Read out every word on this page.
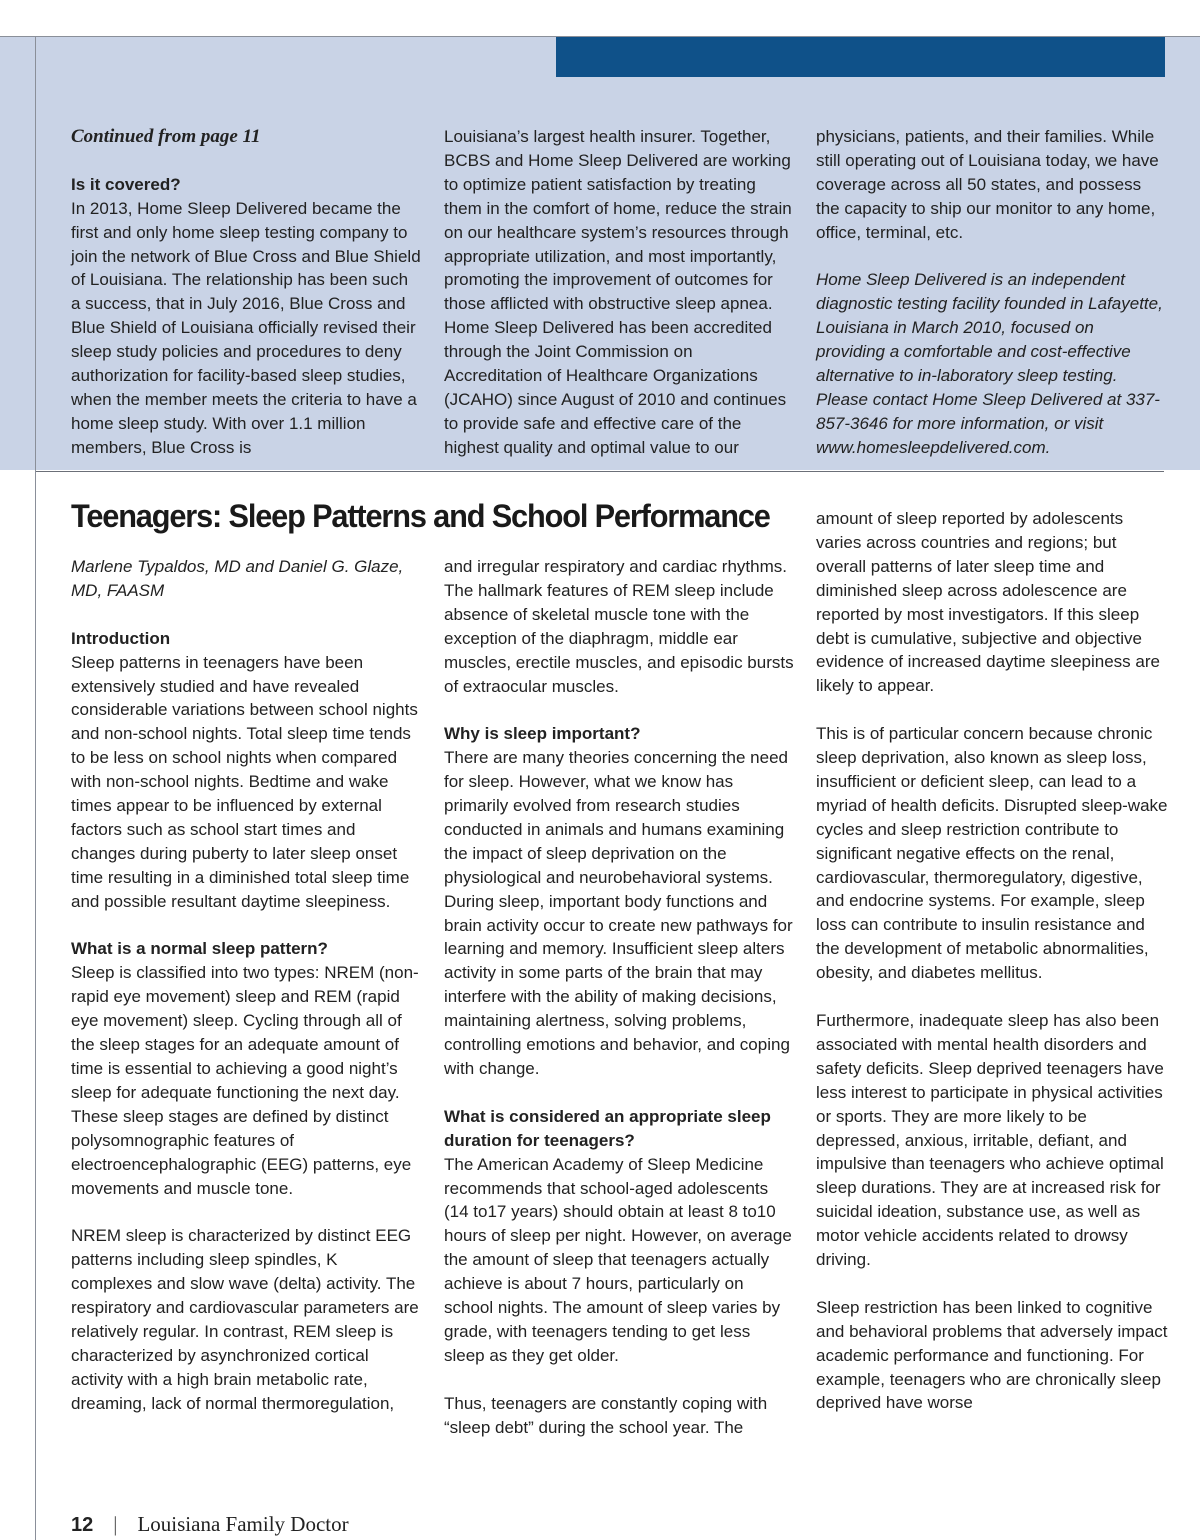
Continued from page 11

Is it covered?

In 2013, Home Sleep Delivered became the first and only home sleep testing company to join the network of Blue Cross and Blue Shield of Louisiana. The relationship has been such a success, that in July 2016, Blue Cross and Blue Shield of Louisiana officially revised their sleep study policies and procedures to deny authorization for facility-based sleep studies, when the member meets the criteria to have a home sleep study. With over 1.1 million members, Blue Cross is

Louisiana’s largest health insurer. Together, BCBS and Home Sleep Delivered are working to optimize patient satisfaction by treating them in the comfort of home, reduce the strain on our healthcare system’s resources through appropriate utilization, and most importantly, promoting the improvement of outcomes for those afflicted with obstructive sleep apnea. Home Sleep Delivered has been accredited through the Joint Commission on Accreditation of Healthcare Organizations (JCAHO) since August of 2010 and continues to provide safe and effective care of the highest quality and optimal value to our

physicians, patients, and their families. While still operating out of Louisiana today, we have coverage across all 50 states, and possess the capacity to ship our monitor to any home, office, terminal, etc.

Home Sleep Delivered is an independent diagnostic testing facility founded in Lafayette, Louisiana in March 2010, focused on providing a comfortable and cost-effective alternative to in-laboratory sleep testing. Please contact Home Sleep Delivered at 337-857-3646 for more information, or visit www.homesleepdelivered.com.

Teenagers: Sleep Patterns and School Performance

Marlene Typaldos, MD and Daniel G. Glaze, MD, FAASM

Introduction

Sleep patterns in teenagers have been extensively studied and have revealed considerable variations between school nights and non-school nights. Total sleep time tends to be less on school nights when compared with non-school nights. Bedtime and wake times appear to be influenced by external factors such as school start times and changes during puberty to later sleep onset time resulting in a diminished total sleep time and possible resultant daytime sleepiness.

What is a normal sleep pattern?

Sleep is classified into two types: NREM (non-rapid eye movement) sleep and REM (rapid eye movement) sleep. Cycling through all of the sleep stages for an adequate amount of time is essential to achieving a good night’s sleep for adequate functioning the next day. These sleep stages are defined by distinct polysomnographic features of electroencephalographic (EEG) patterns, eye movements and muscle tone.

NREM sleep is characterized by distinct EEG patterns including sleep spindles, K complexes and slow wave (delta) activity. The respiratory and cardiovascular parameters are relatively regular. In contrast, REM sleep is characterized by asynchronized cortical activity with a high brain metabolic rate, dreaming, lack of normal thermoregulation,

and irregular respiratory and cardiac rhythms. The hallmark features of REM sleep include absence of skeletal muscle tone with the exception of the diaphragm, middle ear muscles, erectile muscles, and episodic bursts of extraocular muscles.

Why is sleep important?

There are many theories concerning the need for sleep. However, what we know has primarily evolved from research studies conducted in animals and humans examining the impact of sleep deprivation on the physiological and neurobehavioral systems. During sleep, important body functions and brain activity occur to create new pathways for learning and memory. Insufficient sleep alters activity in some parts of the brain that may interfere with the ability of making decisions, maintaining alertness, solving problems, controlling emotions and behavior, and coping with change.

What is considered an appropriate sleep duration for teenagers?

The American Academy of Sleep Medicine recommends that school-aged adolescents (14 to17 years) should obtain at least 8 to10 hours of sleep per night. However, on average the amount of sleep that teenagers actually achieve is about 7 hours, particularly on school nights. The amount of sleep varies by grade, with teenagers tending to get less sleep as they get older.

Thus, teenagers are constantly coping with “sleep debt” during the school year. The

amount of sleep reported by adolescents varies across countries and regions; but overall patterns of later sleep time and diminished sleep across adolescence are reported by most investigators. If this sleep debt is cumulative, subjective and objective evidence of increased daytime sleepiness are likely to appear.

This is of particular concern because chronic sleep deprivation, also known as sleep loss, insufficient or deficient sleep, can lead to a myriad of health deficits. Disrupted sleep-wake cycles and sleep restriction contribute to significant negative effects on the renal, cardiovascular, thermoregulatory, digestive, and endocrine systems. For example, sleep loss can contribute to insulin resistance and the development of metabolic abnormalities, obesity, and diabetes mellitus.

Furthermore, inadequate sleep has also been associated with mental health disorders and safety deficits. Sleep deprived teenagers have less interest to participate in physical activities or sports. They are more likely to be depressed, anxious, irritable, defiant, and impulsive than teenagers who achieve optimal sleep durations. They are at increased risk for suicidal ideation, substance use, as well as motor vehicle accidents related to drowsy driving.

Sleep restriction has been linked to cognitive and behavioral problems that adversely impact academic performance and functioning. For example, teenagers who are chronically sleep deprived have worse

12 | Louisiana Family Doctor
